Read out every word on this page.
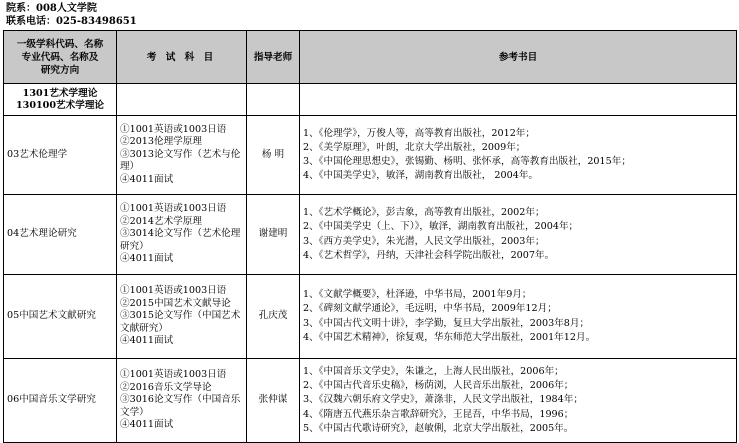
院系：008人文学院
联系电话：025-83498651
一级学科代码、名称
专业代码、名称及
研究方向	考 试 科 目	指导老师	参考书目

1301艺术学理论
130100艺术学理论			

03艺术伦理学	①1001英语或1003日语
②2013伦理学原理
③3013论文写作（艺术与伦理）
④4011面试	杨 明	1、《伦理学》，万俊人等，高等教育出版社，2012年；
2、《美学原理》，叶朗，北京大学出版社，2009年；
3、《中国伦理思想史》，张锡勤、杨明、张怀承，高等教育出版社，2015年；
4、《中国美学史》，敏泽，湖南教育出版社， 2004年。

04艺术理论研究	①1001英语或1003日语
②2014艺术学原理
③3014论文写作（艺术伦理研究）
④4011面试	谢建明	1、《艺术学概论》，彭吉象，高等教育出版社，2002年；
2、《中国美学史（上、下）》，敏泽，湖南教育出版社，2004年；
3、《西方美学史》，朱光潜，人民文学出版社，2003年；
4、《艺术哲学》，丹纳，天津社会科学院出版社，2007年。

05中国艺术文献研究	①1001英语或1003日语
②2015中国艺术文献导论
③3015论文写作（中国艺术文献研究）
④4011面试	孔庆茂	1、《文献学概要》，杜泽逊，中华书局，2001年9月；
2、《碑刻文献学通论》，毛远明，中华书局，2009年12月；
3、《中国古代文明十讲》，李学勤，复旦大学出版社，2003年8月；
4、《中国艺术精神》，徐复观，华东师范大学出版社，2001年12月。

06中国音乐文学研究	①1001英语或1003日语
②2016音乐文学导论
③3016论文写作（中国音乐文学）
④4011面试	张仲谋	1、《中国音乐文学史》，朱谦之，上海人民出版社，2006年；
2、《中国古代音乐史稿》，杨荫浏，人民音乐出版社，2006年；
3、《汉魏六朝乐府文学史》，萧涤非，人民文学出版社，1984年；
4、《隋唐五代燕乐杂言歌辞研究》，王昆吾，中华书局，1996；
5、《中国古代歌诗研究》，赵敏俐，北京大学出版社，2005年。
